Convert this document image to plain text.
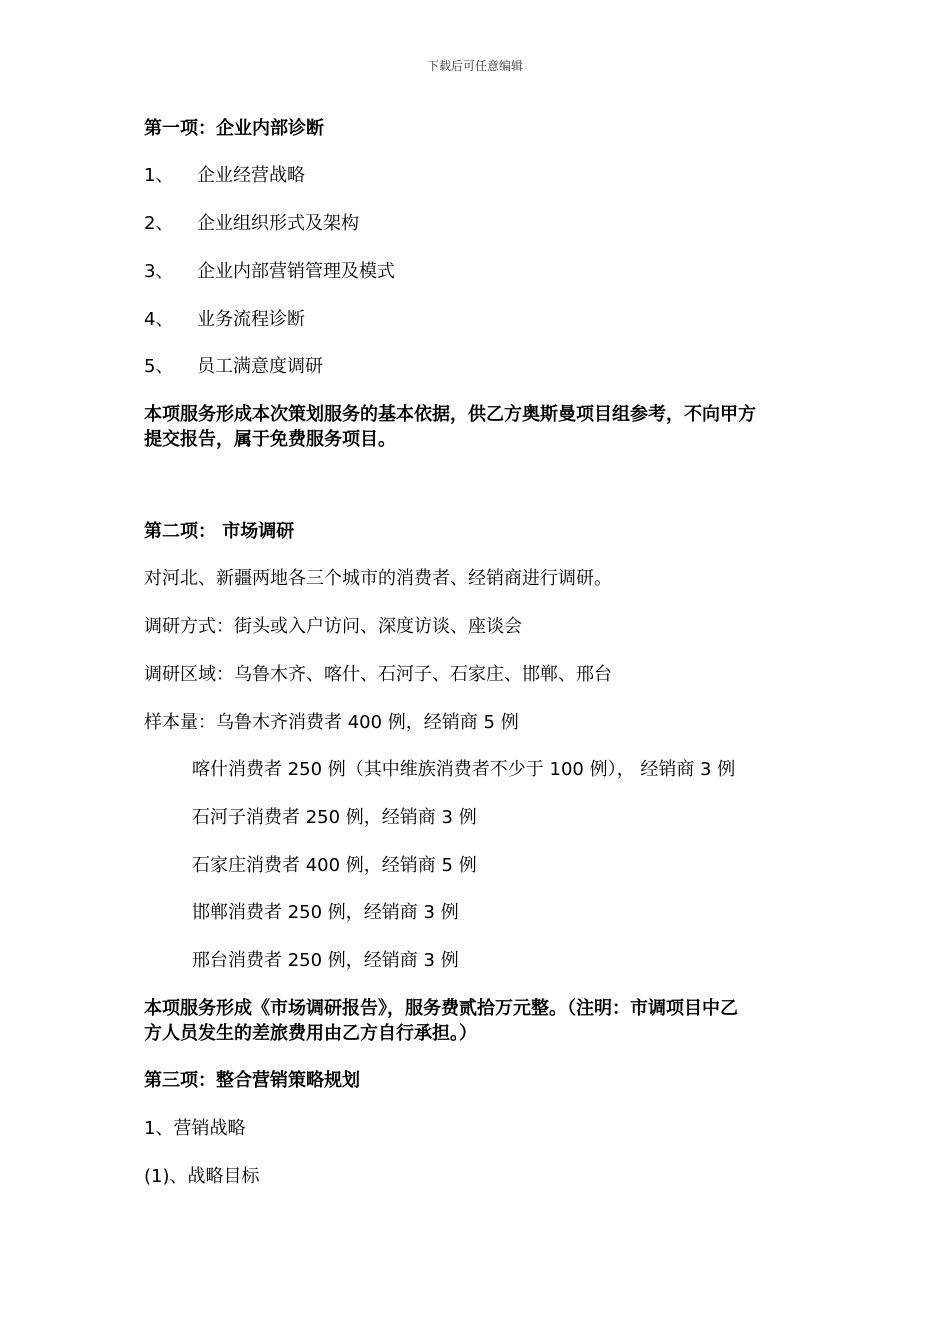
下载后可任意编辑
第一项：企业内部诊断
1、 企业经营战略
2、 企业组织形式及架构
3、 企业内部营销管理及模式
4、 业务流程诊断
5、 员工满意度调研
本项服务形成本次策划服务的基本依据，供乙方奥斯曼项目组参考，不向甲方
提交报告，属于免费服务项目。
第二项： 市场调研
对河北、新疆两地各三个城市的消费者、经销商进行调研。
调研方式：街头或入户访问、深度访谈、座谈会
调研区域：乌鲁木齐、喀什、石河子、石家庄、邯郸、邢台
样本量：乌鲁木齐消费者 400 例，经销商 5 例
喀什消费者 250 例（其中维族消费者不少于 100 例）， 经销商 3 例
石河子消费者 250 例，经销商 3 例
石家庄消费者 400 例，经销商 5 例
邯郸消费者 250 例，经销商 3 例
邢台消费者 250 例，经销商 3 例
本项服务形成《市场调研报告》，服务费贰拾万元整。（注明：市调项目中乙
方人员发生的差旅费用由乙方自行承担。）
第三项：整合营销策略规划
1、营销战略
(1)、战略目标
